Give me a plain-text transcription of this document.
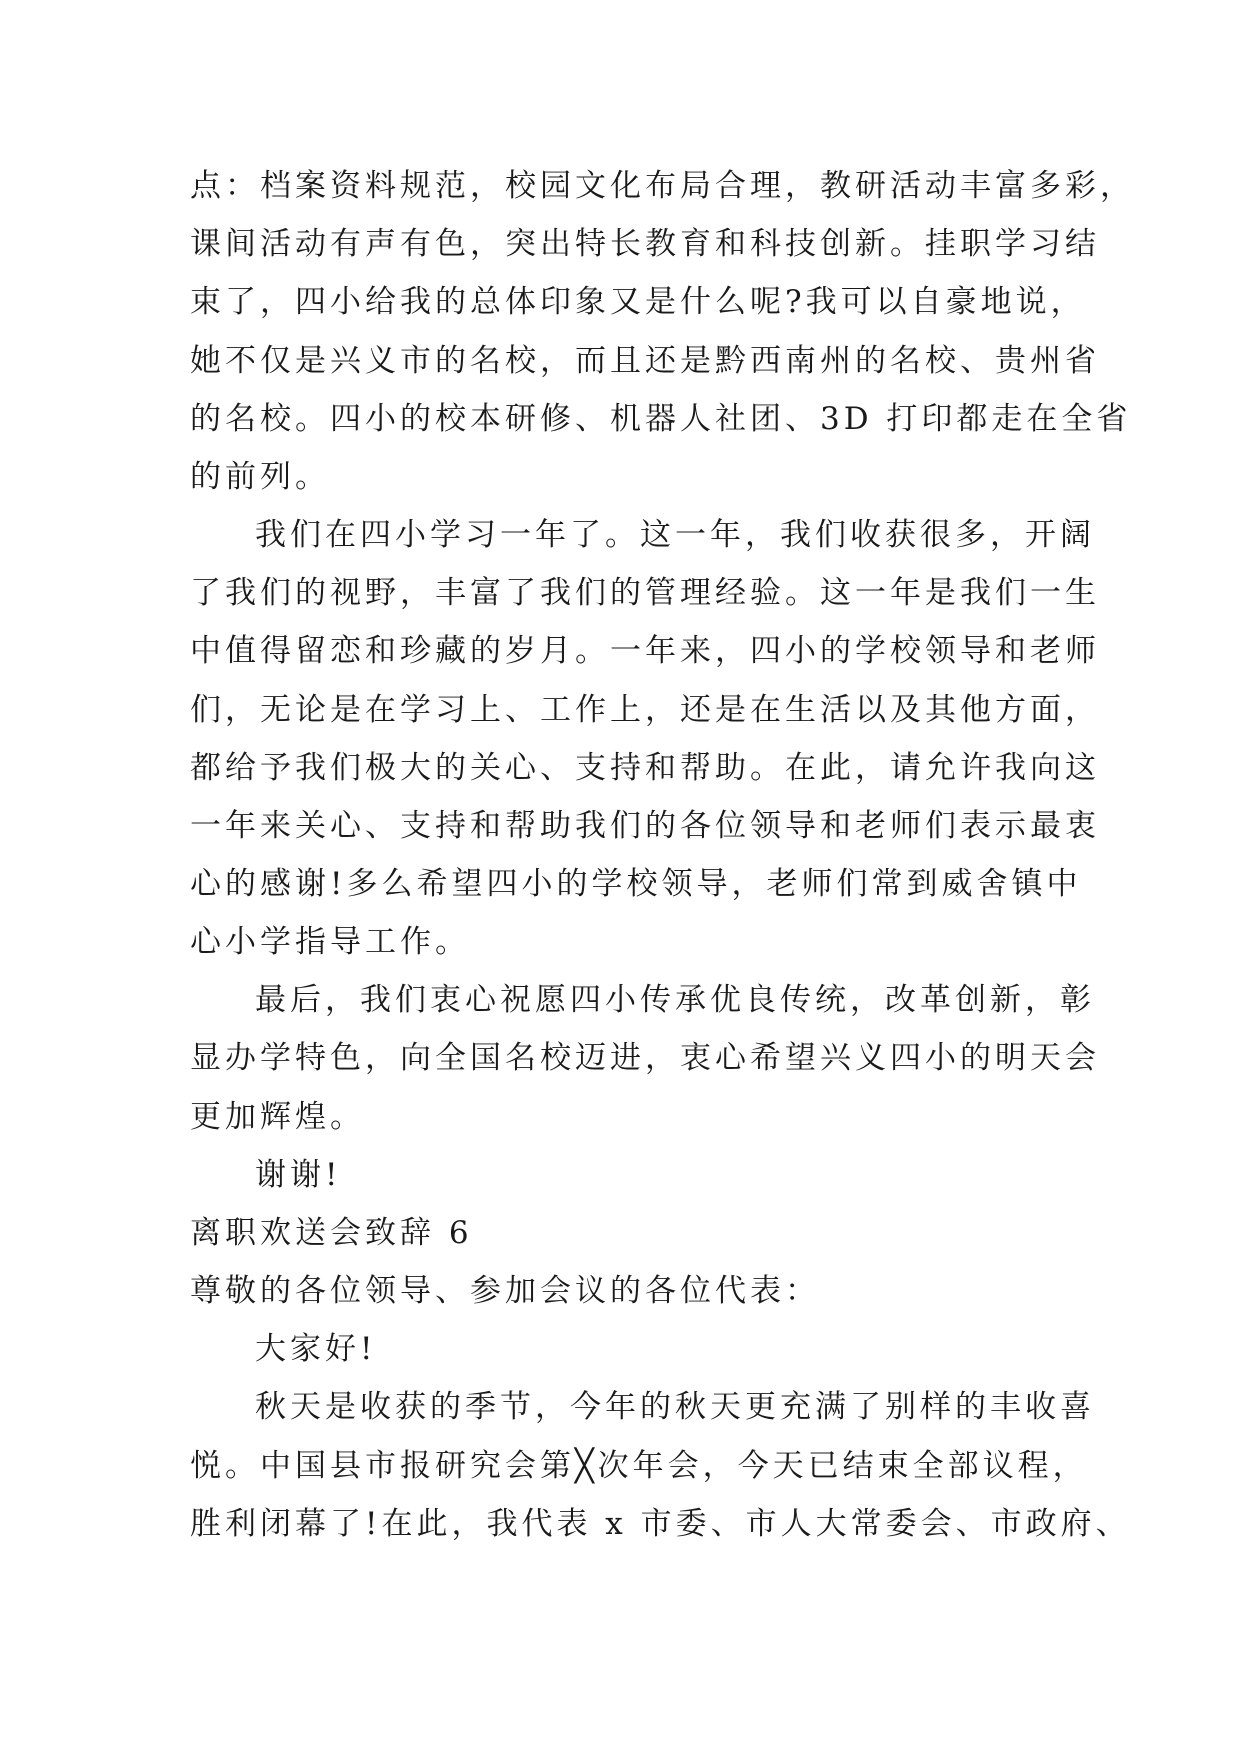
点：档案资料规范，校园文化布局合理，教研活动丰富多彩，
课间活动有声有色，突出特长教育和科技创新。挂职学习结
束了，四小给我的总体印象又是什么呢?我可以自豪地说，
她不仅是兴义市的名校，而且还是黔西南州的名校、贵州省
的名校。四小的校本研修、机器人社团、3D 打印都走在全省
的前列。
我们在四小学习一年了。这一年，我们收获很多，开阔
了我们的视野，丰富了我们的管理经验。这一年是我们一生
中值得留恋和珍藏的岁月。一年来，四小的学校领导和老师
们，无论是在学习上、工作上，还是在生活以及其他方面，
都给予我们极大的关心、支持和帮助。在此，请允许我向这
一年来关心、支持和帮助我们的各位领导和老师们表示最衷
心的感谢!多么希望四小的学校领导，老师们常到威舍镇中
心小学指导工作。
最后，我们衷心祝愿四小传承优良传统，改革创新，彰
显办学特色，向全国名校迈进，衷心希望兴义四小的明天会
更加辉煌。
谢谢!
离职欢送会致辞 6
尊敬的各位领导、参加会议的各位代表：
大家好!
秋天是收获的季节，今年的秋天更充满了别样的丰收喜
悦。中国县市报研究会第╳次年会，今天已结束全部议程，
胜利闭幕了!在此，我代表 x 市委、市人大常委会、市政府、
